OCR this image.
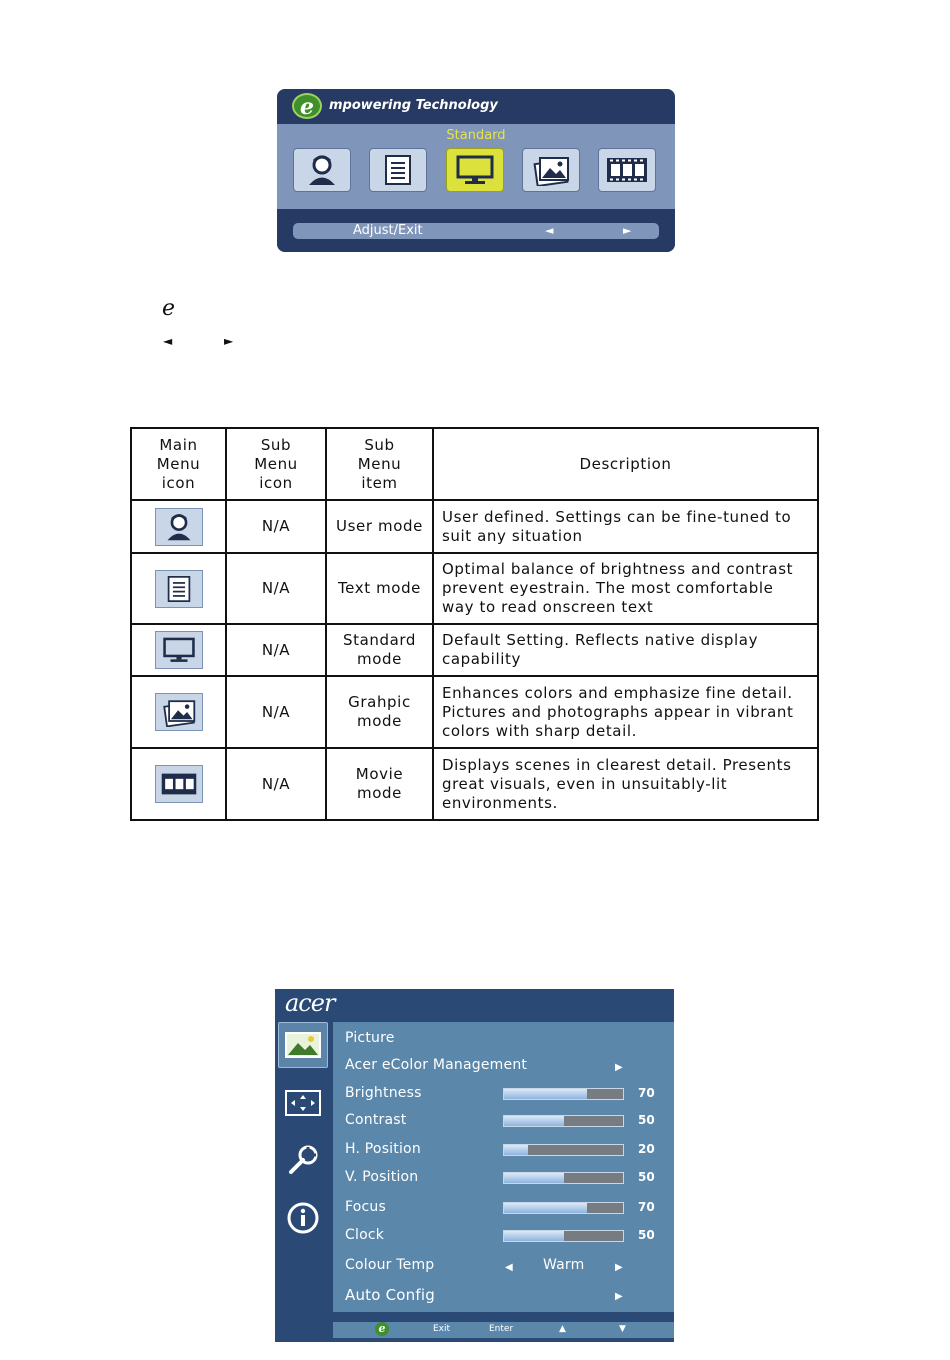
e	mpowering Technology
Standard
Adjust/Exit	◄	►
e
◄	►
Main
Menu
icon	Sub
Menu
icon	Sub
Menu
item	Description

	N/A	User mode	User defined. Settings can be fine-tuned to suit any situation

	N/A	Text mode	Optimal balance of brightness and contrast prevent eyestrain. The most comfortable way to read onscreen text

	N/A	Standard mode	Default Setting. Reflects native display capability

	N/A	Grahpic mode	Enhances colors and emphasize fine detail. Pictures and photographs appear in vibrant colors with sharp detail.

	N/A	Movie mode	Displays scenes in clearest detail. Presents great visuals, even in unsuitably-lit environments.
acer
Picture
Acer eColor Management	▶
Brightness	70
Contrast	50
H. Position	20
V. Position	50
Focus	70
Clock	50
Colour Temp	◀ Warm	▶
Auto Config	▶
e	Exit	Enter	▲	▼
